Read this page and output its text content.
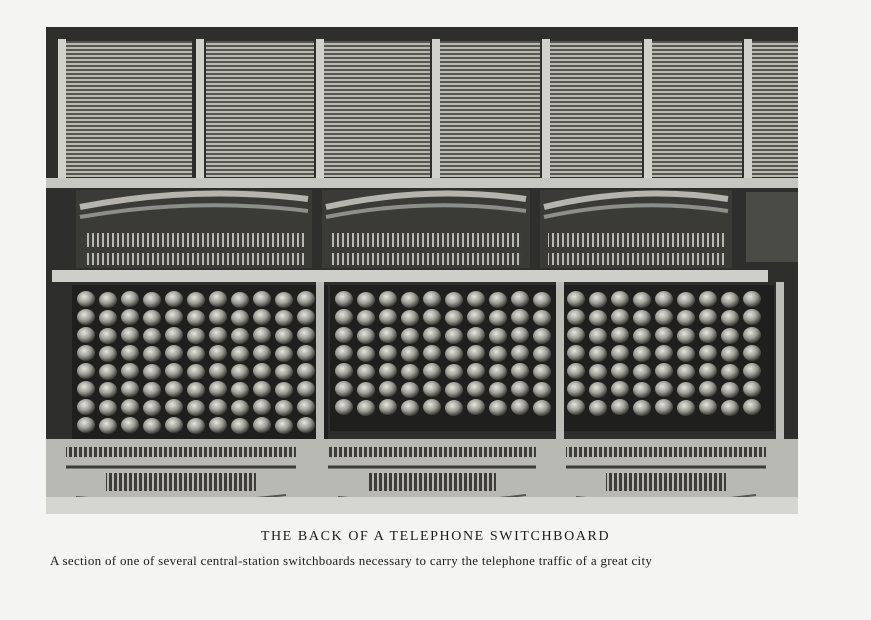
THE BACK OF A TELEPHONE SWITCHBOARD
A section of one of several central-station switchboards necessary to carry the telephone traffic of a great city
